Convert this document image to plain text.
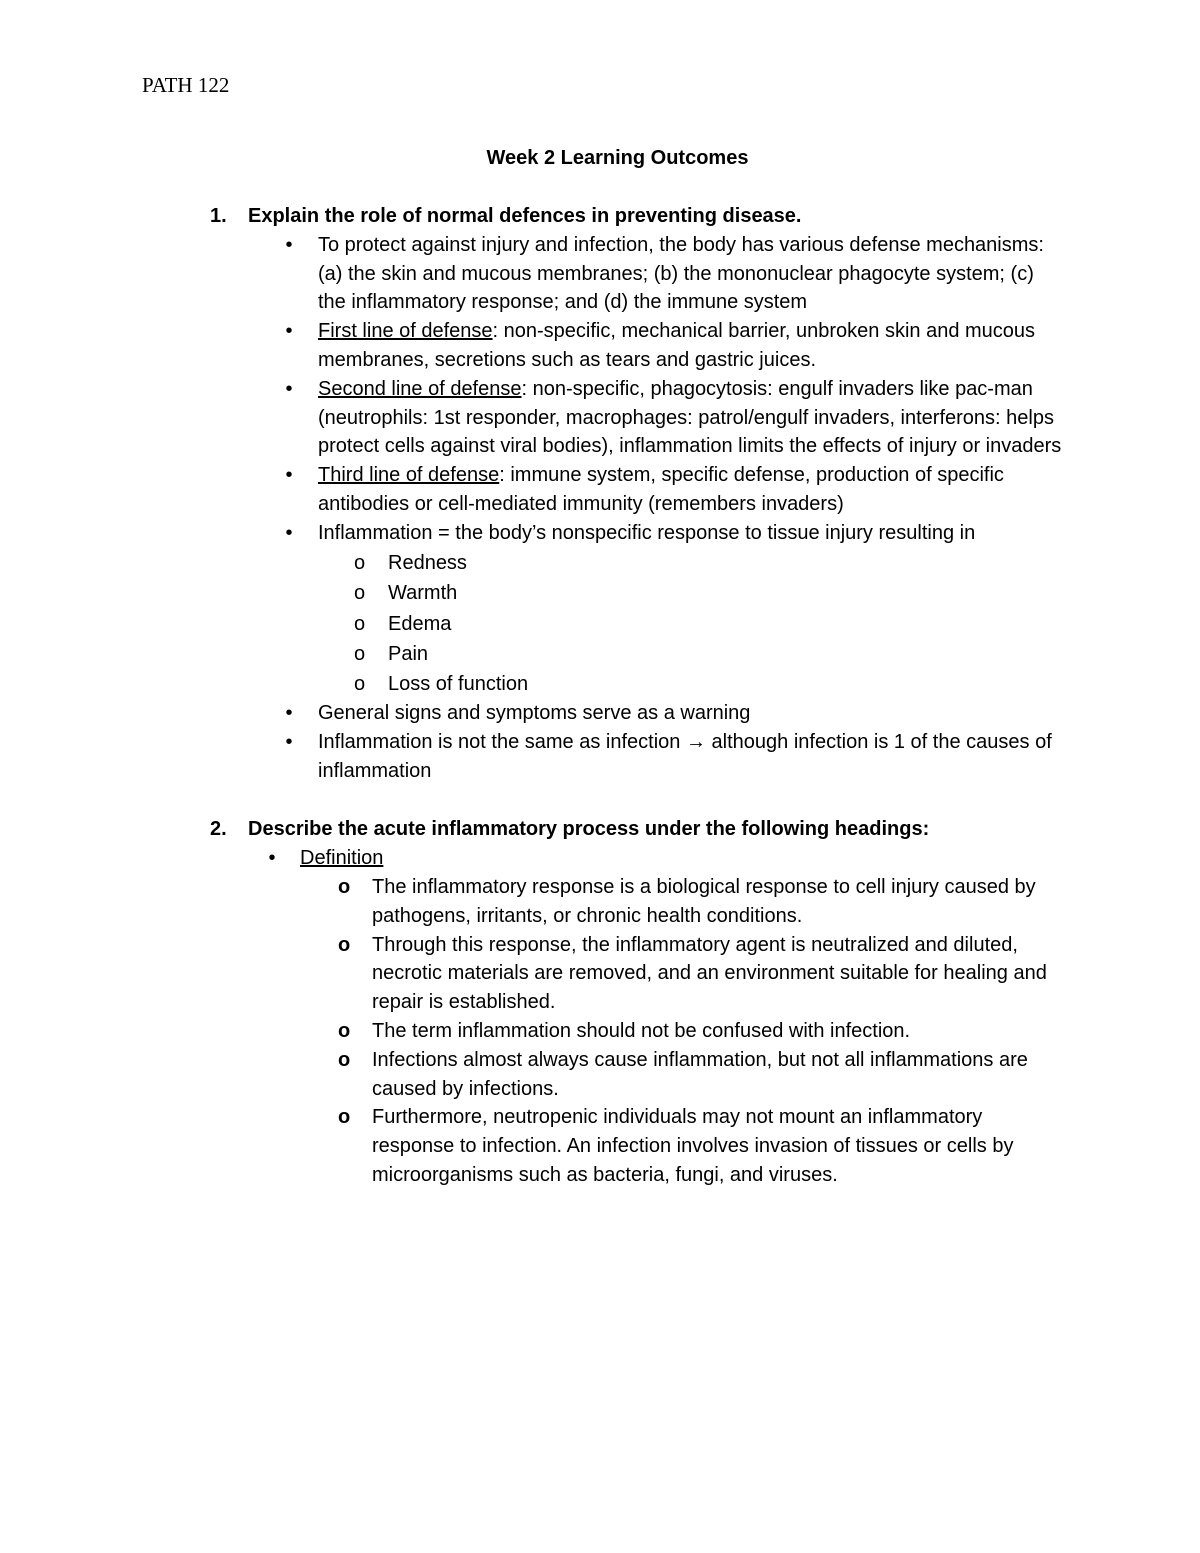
PATH 122
Week 2 Learning Outcomes
1. Explain the role of normal defences in preventing disease.
• To protect against injury and infection, the body has various defense mechanisms: (a) the skin and mucous membranes; (b) the mononuclear phagocyte system; (c) the inflammatory response; and (d) the immune system
• First line of defense: non-specific, mechanical barrier, unbroken skin and mucous membranes, secretions such as tears and gastric juices.
• Second line of defense: non-specific, phagocytosis: engulf invaders like pac-man (neutrophils: 1st responder, macrophages: patrol/engulf invaders, interferons: helps protect cells against viral bodies), inflammation limits the effects of injury or invaders
• Third line of defense: immune system, specific defense, production of specific antibodies or cell-mediated immunity (remembers invaders)
• Inflammation = the body’s nonspecific response to tissue injury resulting in
o Redness
o Warmth
o Edema
o Pain
o Loss of function
• General signs and symptoms serve as a warning
• Inflammation is not the same as infection → although infection is 1 of the causes of inflammation
2. Describe the acute inflammatory process under the following headings:
• Definition
o The inflammatory response is a biological response to cell injury caused by pathogens, irritants, or chronic health conditions.
o Through this response, the inflammatory agent is neutralized and diluted, necrotic materials are removed, and an environment suitable for healing and repair is established.
o The term inflammation should not be confused with infection.
o Infections almost always cause inflammation, but not all inflammations are caused by infections.
o Furthermore, neutropenic individuals may not mount an inflammatory response to infection. An infection involves invasion of tissues or cells by microorganisms such as bacteria, fungi, and viruses.
